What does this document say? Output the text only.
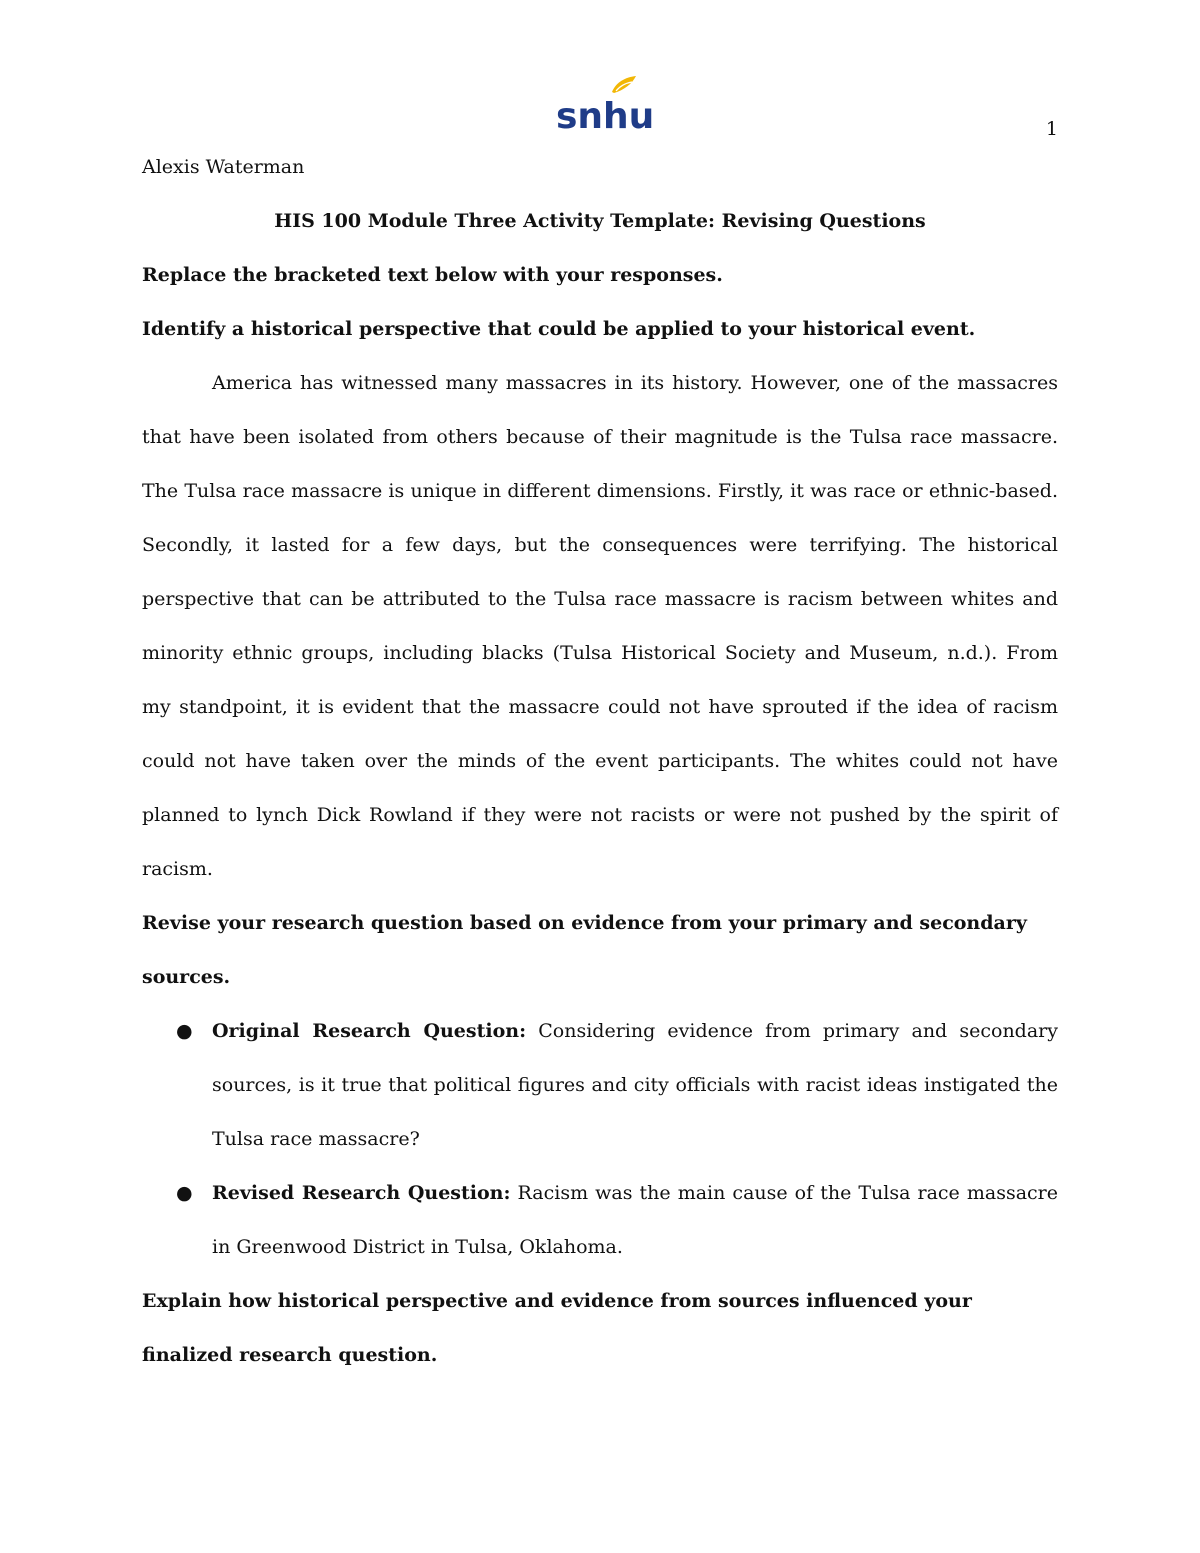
snhu	1

Alexis Waterman

HIS 100 Module Three Activity Template: Revising Questions

Replace the bracketed text below with your responses.

Identify a historical perspective that could be applied to your historical event.

America has witnessed many massacres in its history. However, one of the massacres that have been isolated from others because of their magnitude is the Tulsa race massacre. The Tulsa race massacre is unique in different dimensions. Firstly, it was race or ethnic-based. Secondly, it lasted for a few days, but the consequences were terrifying. The historical perspective that can be attributed to the Tulsa race massacre is racism between whites and minority ethnic groups, including blacks (Tulsa Historical Society and Museum, n.d.). From my standpoint, it is evident that the massacre could not have sprouted if the idea of racism could not have taken over the minds of the event participants. The whites could not have planned to lynch Dick Rowland if they were not racists or were not pushed by the spirit of racism.

Revise your research question based on evidence from your primary and secondary sources.

● Original Research Question: Considering evidence from primary and secondary sources, is it true that political figures and city officials with racist ideas instigated the Tulsa race massacre?
● Revised Research Question: Racism was the main cause of the Tulsa race massacre in Greenwood District in Tulsa, Oklahoma.

Explain how historical perspective and evidence from sources influenced your finalized research question.
